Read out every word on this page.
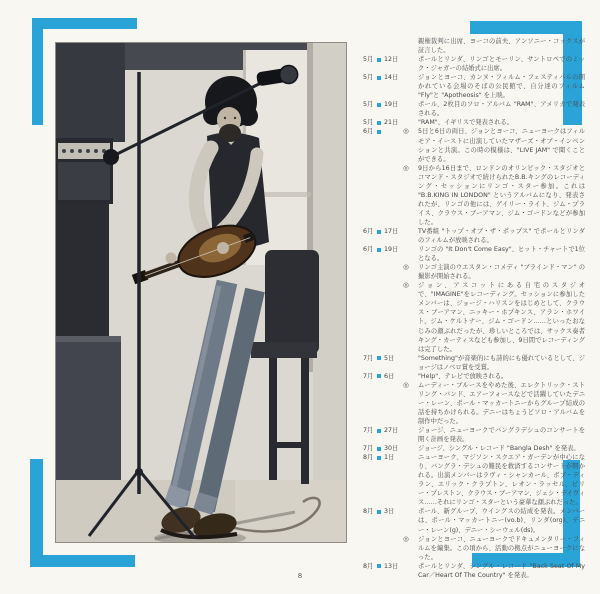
親権裁判に出席、ヨーコの前夫、アンソニー・コックスが証言した。
5月 12日	ポールとリンダ、リンゴとモーリン、サントロペでのミック・ジャガーの結婚式に出席。
5月 14日	ジョンとヨーコ、カンヌ・フィルム・フェスティバルの開かれている会場のそばの公民館で、自分達のフィルム "Fly"と "Apotheosis" を上映。
5月 19日	ポール、2枚目のソロ・アルバム "RAM"、アメリカで発表される。
5月 21日	"RAM"、イギリスで発表される。
6月	◎ 5日と6日の両日、ジョンとヨーコ、ニューヨークはフィルモア・イーストに出演していたマザーズ・オブ・インベンションと共演。この時の模様は、"LIVE JAM" で聞くことができる。
◎ 9日から16日まで、ロンドンのオリンピック・スタジオとコマンド・スタジオで続けられたB.B.キングのレコーディング・セッションにリンゴ・スター参加。これは "B.B.KING IN LONDON" というアルバムになり、発表されたが、リンゴの他には、ゲイリー・ライト、ジム・プライス、クラウス・ブーアマン、ジム・ゴードンなどが参加した。
6月 17日	TV番組 "トップ・オブ・ザ・ポップス" でポールとリンダのフィルムが放映される。
6月 19日	リンゴの "It Don't Come Easy"、ヒット・チャートで1位となる。
◎ リンゴ主演のウエスタン・コメディ "ブラインド・マン" の撮影が開始される。
◎ ジョン、アスコットにある自宅のスタジオで、"IMAGINE"をレコーディング。セッションに参加したメンバーは、ジョージ・ハリスンをはじめとして、クラウス・ブーアマン、ニッキー・ホプキンス、アラン・ホワイト、ジム・ケルトナー、ジム・ゴードン……といったおなじみの顔ぶれだったが、珍しいところでは、サックス奏者キング・カーティスなども参加し、9日間でレコーディングは完了した。
7月 5日	"Something"が音楽的にも詩的にも優れているとして、ジョージはノベロ賞を受賞。
7月 6日	"Help"、テレビで放映される。
◎ ムーディー・ブルースをやめた後、エレクトリック・ストリング・バンド、エアーフォースなどで活躍していたデニー・レーン、ポール・マッカートニーからグループ結成の話を持ちかけられる。デニーはちょうどソロ・アルバムを制作中だった。
7月 27日	ジョージ、ニューヨークでバングラデシュのコンサートを開く計画を発表。
7月 30日	ジョージ、シングル・レコード "Bangla Desh" を発表。
8月 1日	ニューヨーク、マジソン・スクエア・ガーデンが中心になり、バングラ・デシュの難民を救済するコンサートが開かれる。出演メンバーはラヴィ・シャンカール、ボブ・ディラン、エリック・クラプトン、レオン・ラッセル、ビリー・プレストン、クラウス・ブーアマン、ジェシ・デイヴィス……それにリンゴ・スターという豪華な顔ぶれだった。
8月 3日	ポール、新グループ、ウイングスの結成を発表。メンバーは、ポール・マッカートニー(vo.b)、リンダ(org)、デニー・レーン(g)、デニー・シーウェル(ds)。
◎ ジョンとヨーコ、ニューヨークでドキュメンタリー・フィルムを編集。この頃から、活動の拠点がニューヨークになった。
8月 13日	ポールとリンダ、シングル・レコード "Back Seat Of My Car／Heart Of The Country" を発表。
8
